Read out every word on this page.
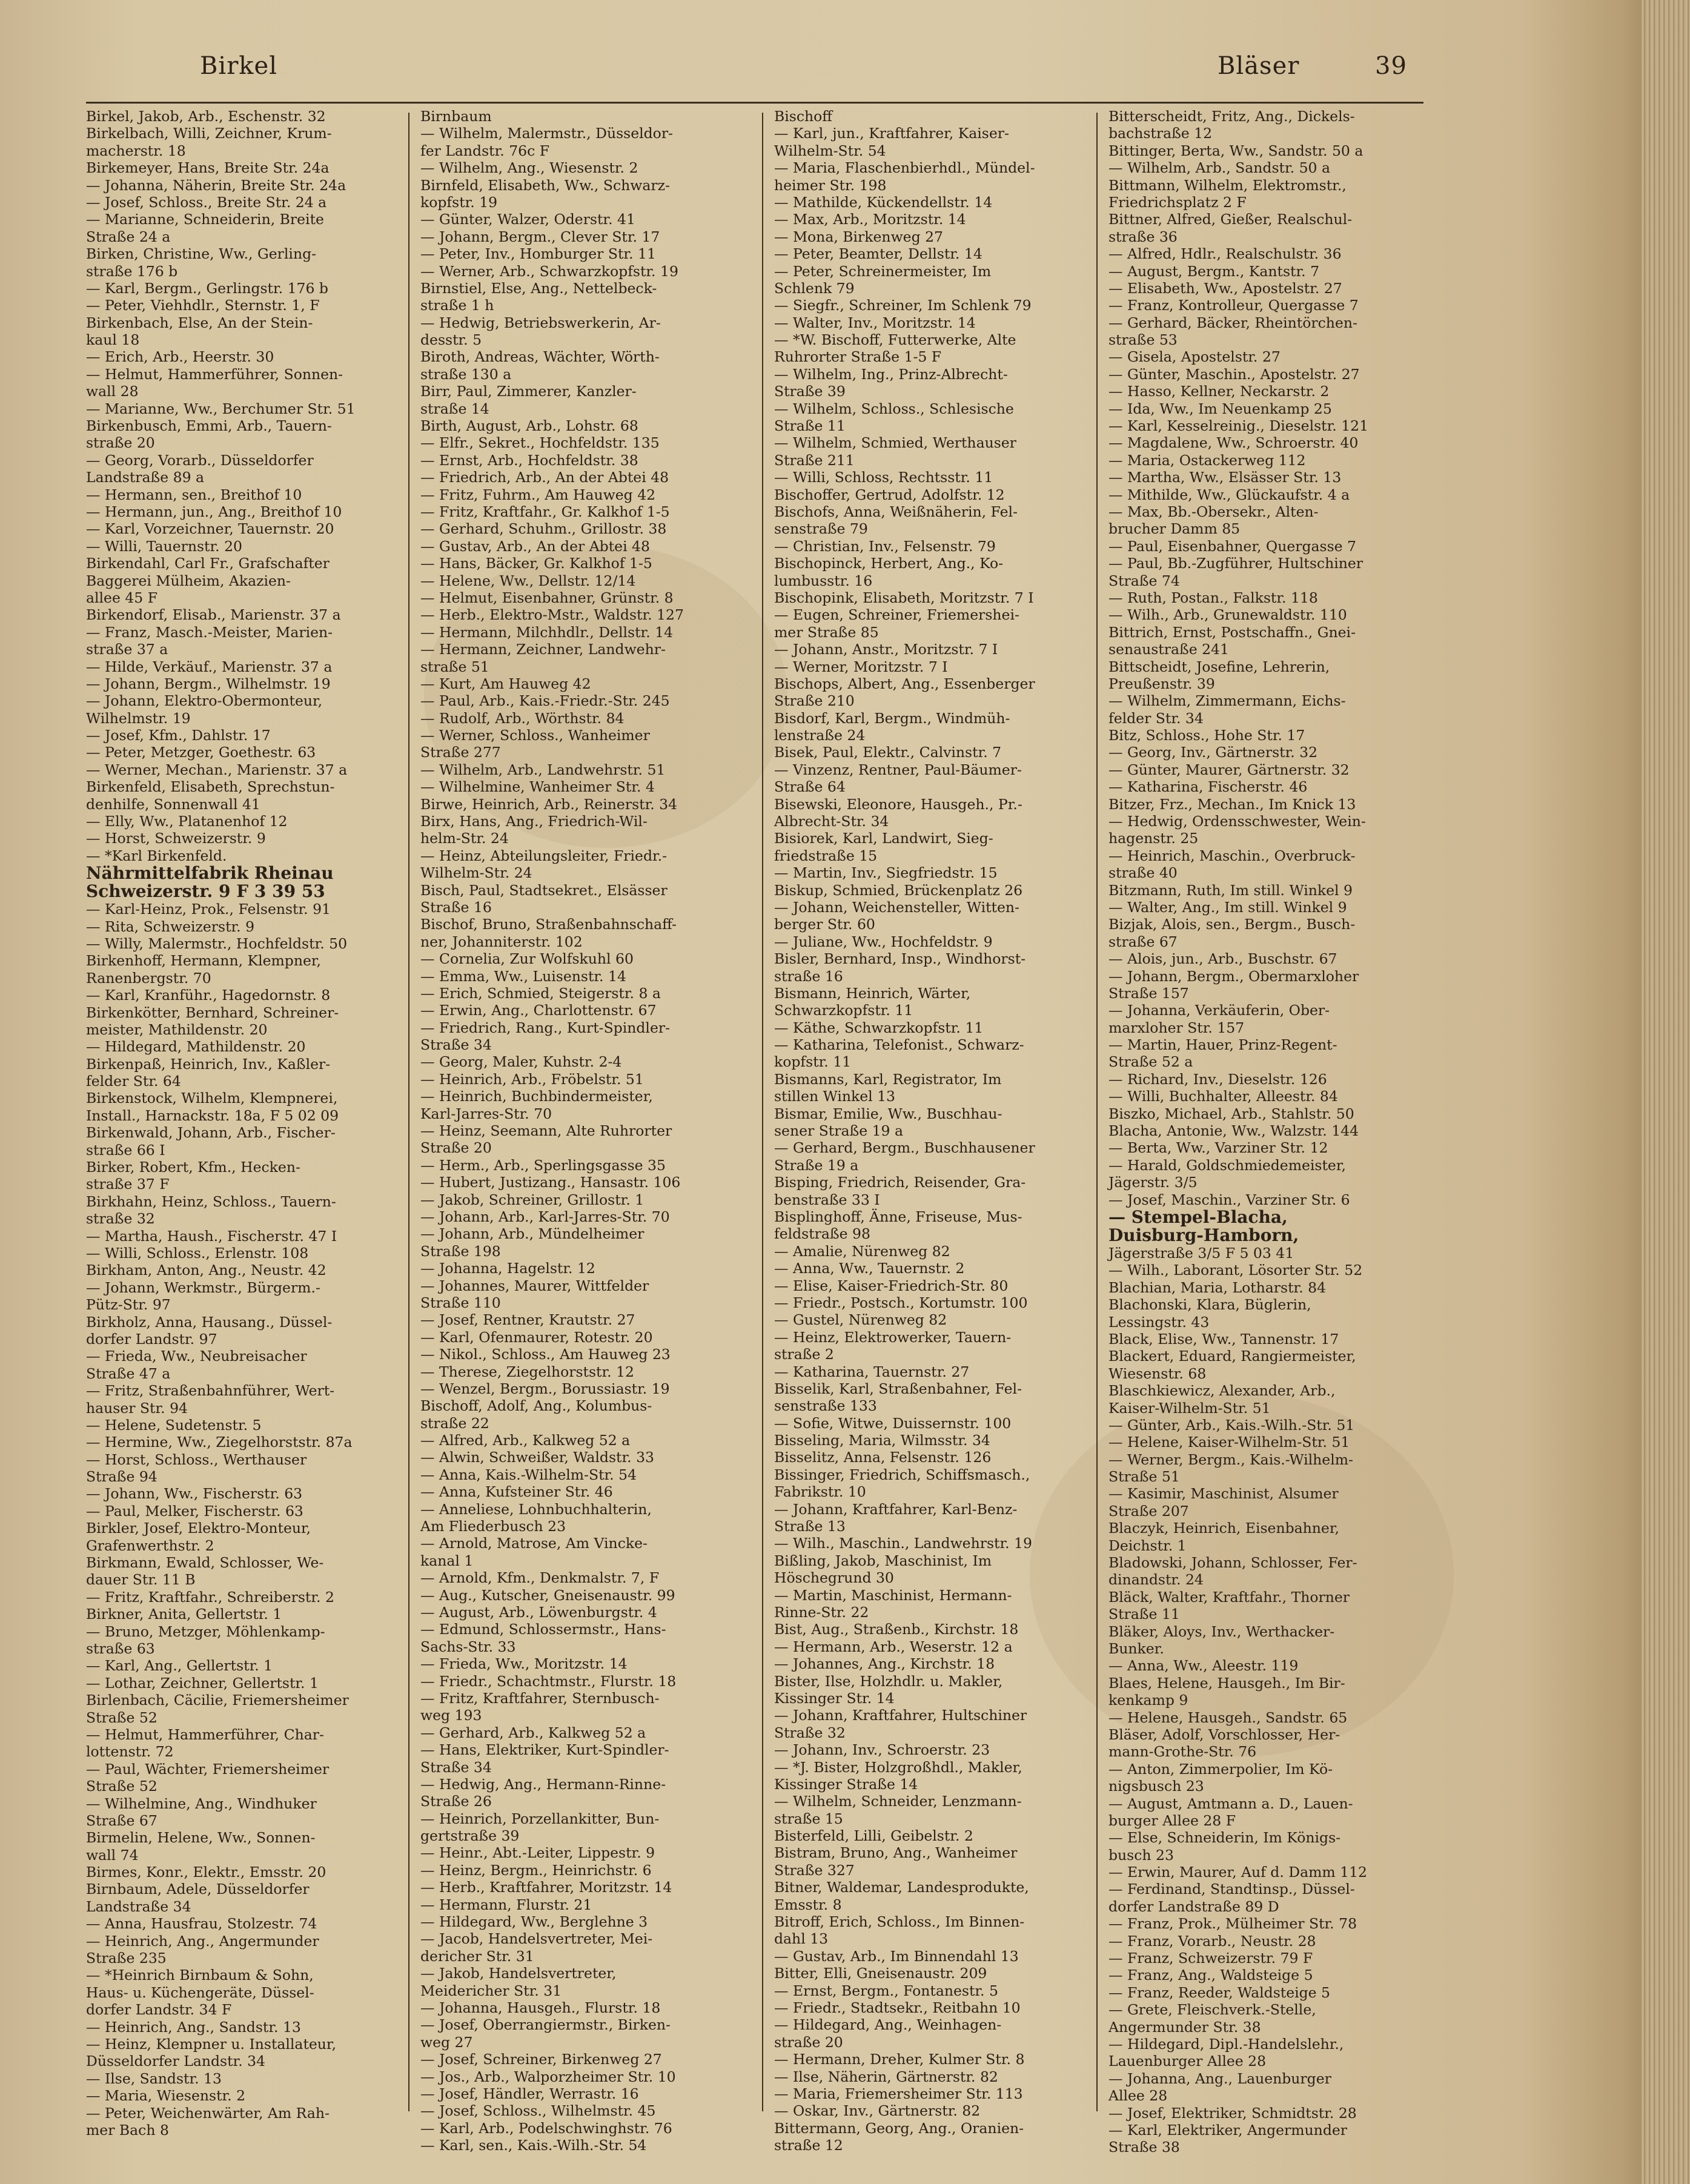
Birkel	Bläser	39
Birkel, Jakob, Arb., Eschenstr. 32
Birkelbach, Willi, Zeichner, Krum-
macherstr. 18
Birkemeyer, Hans, Breite Str. 24a
— Johanna, Näherin, Breite Str. 24a
— Josef, Schloss., Breite Str. 24 a
— Marianne, Schneiderin, Breite
Straße 24 a
Birken, Christine, Ww., Gerling-
straße 176 b
— Karl, Bergm., Gerlingstr. 176 b
— Peter, Viehhdlr., Sternstr. 1, F
Birkenbach, Else, An der Stein-
kaul 18
— Erich, Arb., Heerstr. 30
— Helmut, Hammerführer, Sonnen-
wall 28
— Marianne, Ww., Berchumer Str. 51
Birkenbusch, Emmi, Arb., Tauern-
straße 20
— Georg, Vorarb., Düsseldorfer
Landstraße 89 a
— Hermann, sen., Breithof 10
— Hermann, jun., Ang., Breithof 10
— Karl, Vorzeichner, Tauernstr. 20
— Willi, Tauernstr. 20
Birkendahl, Carl Fr., Grafschafter
Baggerei Mülheim, Akazien-
allee 45 F
Birkendorf, Elisab., Marienstr. 37 a
— Franz, Masch.-Meister, Marien-
straße 37 a
— Hilde, Verkäuf., Marienstr. 37 a
— Johann, Bergm., Wilhelmstr. 19
— Johann, Elektro-Obermonteur,
Wilhelmstr. 19
— Josef, Kfm., Dahlstr. 17
— Peter, Metzger, Goethestr. 63
— Werner, Mechan., Marienstr. 37 a
Birkenfeld, Elisabeth, Sprechstun-
denhilfe, Sonnenwall 41
— Elly, Ww., Platanenhof 12
— Horst, Schweizerstr. 9
— *Karl Birkenfeld.
Nährmittelfabrik Rheinau
Schweizerstr. 9 F 3 39 53
— Karl-Heinz, Prok., Felsenstr. 91
— Rita, Schweizerstr. 9
— Willy, Malermstr., Hochfeldstr. 50
Birkenhoff, Hermann, Klempner,
Ranenbergstr. 70
— Karl, Kranführ., Hagedornstr. 8
Birkenkötter, Bernhard, Schreiner-
meister, Mathildenstr. 20
— Hildegard, Mathildenstr. 20
Birkenpaß, Heinrich, Inv., Kaßler-
felder Str. 64
Birkenstock, Wilhelm, Klempnerei,
Install., Harnackstr. 18a, F 5 02 09
Birkenwald, Johann, Arb., Fischer-
straße 66 I
Birker, Robert, Kfm., Hecken-
straße 37 F
Birkhahn, Heinz, Schloss., Tauern-
straße 32
— Martha, Haush., Fischerstr. 47 I
— Willi, Schloss., Erlenstr. 108
Birkham, Anton, Ang., Neustr. 42
— Johann, Werkmstr., Bürgerm.-
Pütz-Str. 97
Birkholz, Anna, Hausang., Düssel-
dorfer Landstr. 97
— Frieda, Ww., Neubreisacher
Straße 47 a
— Fritz, Straßenbahnführer, Wert-
hauser Str. 94
— Helene, Sudetenstr. 5
— Hermine, Ww., Ziegelhorststr. 87a
— Horst, Schloss., Werthauser
Straße 94
— Johann, Ww., Fischerstr. 63
— Paul, Melker, Fischerstr. 63
Birkler, Josef, Elektro-Monteur,
Grafenwerthstr. 2
Birkmann, Ewald, Schlosser, We-
dauer Str. 11 B
— Fritz, Kraftfahr., Schreiberstr. 2
Birkner, Anita, Gellertstr. 1
— Bruno, Metzger, Möhlenkamp-
straße 63
— Karl, Ang., Gellertstr. 1
— Lothar, Zeichner, Gellertstr. 1
Birlenbach, Cäcilie, Friemersheimer
Straße 52
— Helmut, Hammerführer, Char-
lottenstr. 72
— Paul, Wächter, Friemersheimer
Straße 52
— Wilhelmine, Ang., Windhuker
Straße 67
Birmelin, Helene, Ww., Sonnen-
wall 74
Birmes, Konr., Elektr., Emsstr. 20
Birnbaum, Adele, Düsseldorfer
Landstraße 34
— Anna, Hausfrau, Stolzestr. 74
— Heinrich, Ang., Angermunder
Straße 235
— *Heinrich Birnbaum & Sohn,
Haus- u. Küchengeräte, Düssel-
dorfer Landstr. 34 F
— Heinrich, Ang., Sandstr. 13
— Heinz, Klempner u. Installateur,
Düsseldorfer Landstr. 34
— Ilse, Sandstr. 13
— Maria, Wiesenstr. 2
— Peter, Weichenwärter, Am Rah-
mer Bach 8
Birnbaum
— Wilhelm, Malermstr., Düsseldor-
fer Landstr. 76c F
— Wilhelm, Ang., Wiesenstr. 2
Birnfeld, Elisabeth, Ww., Schwarz-
kopfstr. 19
— Günter, Walzer, Oderstr. 41
— Johann, Bergm., Clever Str. 17
— Peter, Inv., Homburger Str. 11
— Werner, Arb., Schwarzkopfstr. 19
Birnstiel, Else, Ang., Nettelbeck-
straße 1 h
— Hedwig, Betriebswerkerin, Ar-
desstr. 5
Biroth, Andreas, Wächter, Wörth-
straße 130 a
Birr, Paul, Zimmerer, Kanzler-
straße 14
Birth, August, Arb., Lohstr. 68
— Elfr., Sekret., Hochfeldstr. 135
— Ernst, Arb., Hochfeldstr. 38
— Friedrich, Arb., An der Abtei 48
— Fritz, Fuhrm., Am Hauweg 42
— Fritz, Kraftfahr., Gr. Kalkhof 1-5
— Gerhard, Schuhm., Grillostr. 38
— Gustav, Arb., An der Abtei 48
— Hans, Bäcker, Gr. Kalkhof 1-5
— Helene, Ww., Dellstr. 12/14
— Helmut, Eisenbahner, Grünstr. 8
— Herb., Elektro-Mstr., Waldstr. 127
— Hermann, Milchhdlr., Dellstr. 14
— Hermann, Zeichner, Landwehr-
straße 51
— Kurt, Am Hauweg 42
— Paul, Arb., Kais.-Friedr.-Str. 245
— Rudolf, Arb., Wörthstr. 84
— Werner, Schloss., Wanheimer
Straße 277
— Wilhelm, Arb., Landwehrstr. 51
— Wilhelmine, Wanheimer Str. 4
Birwe, Heinrich, Arb., Reinerstr. 34
Birx, Hans, Ang., Friedrich-Wil-
helm-Str. 24
— Heinz, Abteilungsleiter, Friedr.-
Wilhelm-Str. 24
Bisch, Paul, Stadtsekret., Elsässer
Straße 16
Bischof, Bruno, Straßenbahnschaff-
ner, Johanniterstr. 102
— Cornelia, Zur Wolfskuhl 60
— Emma, Ww., Luisenstr. 14
— Erich, Schmied, Steigerstr. 8 a
— Erwin, Ang., Charlottenstr. 67
— Friedrich, Rang., Kurt-Spindler-
Straße 34
— Georg, Maler, Kuhstr. 2-4
— Heinrich, Arb., Fröbelstr. 51
— Heinrich, Buchbindermeister,
Karl-Jarres-Str. 70
— Heinz, Seemann, Alte Ruhrorter
Straße 20
— Herm., Arb., Sperlingsgasse 35
— Hubert, Justizang., Hansastr. 106
— Jakob, Schreiner, Grillostr. 1
— Johann, Arb., Karl-Jarres-Str. 70
— Johann, Arb., Mündelheimer
Straße 198
— Johanna, Hagelstr. 12
— Johannes, Maurer, Wittfelder
Straße 110
— Josef, Rentner, Krautstr. 27
— Karl, Ofenmaurer, Rotestr. 20
— Nikol., Schloss., Am Hauweg 23
— Therese, Ziegelhorststr. 12
— Wenzel, Bergm., Borussiastr. 19
Bischoff, Adolf, Ang., Kolumbus-
straße 22
— Alfred, Arb., Kalkweg 52 a
— Alwin, Schweißer, Waldstr. 33
— Anna, Kais.-Wilhelm-Str. 54
— Anna, Kufsteiner Str. 46
— Anneliese, Lohnbuchhalterin,
Am Fliederbusch 23
— Arnold, Matrose, Am Vincke-
kanal 1
— Arnold, Kfm., Denkmalstr. 7, F
— Aug., Kutscher, Gneisenaustr. 99
— August, Arb., Löwenburgstr. 4
— Edmund, Schlossermstr., Hans-
Sachs-Str. 33
— Frieda, Ww., Moritzstr. 14
— Friedr., Schachtmstr., Flurstr. 18
— Fritz, Kraftfahrer, Sternbusch-
weg 193
— Gerhard, Arb., Kalkweg 52 a
— Hans, Elektriker, Kurt-Spindler-
Straße 34
— Hedwig, Ang., Hermann-Rinne-
Straße 26
— Heinrich, Porzellankitter, Bun-
gertstraße 39
— Heinr., Abt.-Leiter, Lippestr. 9
— Heinz, Bergm., Heinrichstr. 6
— Herb., Kraftfahrer, Moritzstr. 14
— Hermann, Flurstr. 21
— Hildegard, Ww., Berglehne 3
— Jacob, Handelsvertreter, Mei-
dericher Str. 31
— Jakob, Handelsvertreter,
Meidericher Str. 31
— Johanna, Hausgeh., Flurstr. 18
— Josef, Oberrangiermstr., Birken-
weg 27
— Josef, Schreiner, Birkenweg 27
— Jos., Arb., Walporzheimer Str. 10
— Josef, Händler, Werrastr. 16
— Josef, Schloss., Wilhelmstr. 45
— Karl, Arb., Podelschwinghstr. 76
— Karl, sen., Kais.-Wilh.-Str. 54
Bischoff
— Karl, jun., Kraftfahrer, Kaiser-
Wilhelm-Str. 54
— Maria, Flaschenbierhdl., Mündel-
heimer Str. 198
— Mathilde, Kückendellstr. 14
— Max, Arb., Moritzstr. 14
— Mona, Birkenweg 27
— Peter, Beamter, Dellstr. 14
— Peter, Schreinermeister, Im
Schlenk 79
— Siegfr., Schreiner, Im Schlenk 79
— Walter, Inv., Moritzstr. 14
— *W. Bischoff, Futterwerke, Alte
Ruhrorter Straße 1-5 F
— Wilhelm, Ing., Prinz-Albrecht-
Straße 39
— Wilhelm, Schloss., Schlesische
Straße 11
— Wilhelm, Schmied, Werthauser
Straße 211
— Willi, Schloss, Rechtsstr. 11
Bischoffer, Gertrud, Adolfstr. 12
Bischofs, Anna, Weißnäherin, Fel-
senstraße 79
— Christian, Inv., Felsenstr. 79
Bischopinck, Herbert, Ang., Ko-
lumbusstr. 16
Bischopink, Elisabeth, Moritzstr. 7 I
— Eugen, Schreiner, Friemershei-
mer Straße 85
— Johann, Anstr., Moritzstr. 7 I
— Werner, Moritzstr. 7 I
Bischops, Albert, Ang., Essenberger
Straße 210
Bisdorf, Karl, Bergm., Windmüh-
lenstraße 24
Bisek, Paul, Elektr., Calvinstr. 7
— Vinzenz, Rentner, Paul-Bäumer-
Straße 64
Bisewski, Eleonore, Hausgeh., Pr.-
Albrecht-Str. 34
Bisiorek, Karl, Landwirt, Sieg-
friedstraße 15
— Martin, Inv., Siegfriedstr. 15
Biskup, Schmied, Brückenplatz 26
— Johann, Weichensteller, Witten-
berger Str. 60
— Juliane, Ww., Hochfeldstr. 9
Bisler, Bernhard, Insp., Windhorst-
straße 16
Bismann, Heinrich, Wärter,
Schwarzkopfstr. 11
— Käthe, Schwarzkopfstr. 11
— Katharina, Telefonist., Schwarz-
kopfstr. 11
Bismanns, Karl, Registrator, Im
stillen Winkel 13
Bismar, Emilie, Ww., Buschhau-
sener Straße 19 a
— Gerhard, Bergm., Buschhausener
Straße 19 a
Bisping, Friedrich, Reisender, Gra-
benstraße 33 I
Bisplinghoff, Änne, Friseuse, Mus-
feldstraße 98
— Amalie, Nürenweg 82
— Anna, Ww., Tauernstr. 2
— Elise, Kaiser-Friedrich-Str. 80
— Friedr., Postsch., Kortumstr. 100
— Gustel, Nürenweg 82
— Heinz, Elektrowerker, Tauern-
straße 2
— Katharina, Tauernstr. 27
Bisselik, Karl, Straßenbahner, Fel-
senstraße 133
— Sofie, Witwe, Duissernstr. 100
Bisseling, Maria, Wilmsstr. 34
Bisselitz, Anna, Felsenstr. 126
Bissinger, Friedrich, Schiffsmasch.,
Fabrikstr. 10
— Johann, Kraftfahrer, Karl-Benz-
Straße 13
— Wilh., Maschin., Landwehrstr. 19
Bißling, Jakob, Maschinist, Im
Höschegrund 30
— Martin, Maschinist, Hermann-
Rinne-Str. 22
Bist, Aug., Straßenb., Kirchstr. 18
— Hermann, Arb., Weserstr. 12 a
— Johannes, Ang., Kirchstr. 18
Bister, Ilse, Holzhdlr. u. Makler,
Kissinger Str. 14
— Johann, Kraftfahrer, Hultschiner
Straße 32
— Johann, Inv., Schroerstr. 23
— *J. Bister, Holzgroßhdl., Makler,
Kissinger Straße 14
— Wilhelm, Schneider, Lenzmann-
straße 15
Bisterfeld, Lilli, Geibelstr. 2
Bistram, Bruno, Ang., Wanheimer
Straße 327
Bitner, Waldemar, Landesprodukte,
Emsstr. 8
Bitroff, Erich, Schloss., Im Binnen-
dahl 13
— Gustav, Arb., Im Binnendahl 13
Bitter, Elli, Gneisenaustr. 209
— Ernst, Bergm., Fontanestr. 5
— Friedr., Stadtsekr., Reitbahn 10
— Hildegard, Ang., Weinhagen-
straße 20
— Hermann, Dreher, Kulmer Str. 8
— Ilse, Näherin, Gärtnerstr. 82
— Maria, Friemersheimer Str. 113
— Oskar, Inv., Gärtnerstr. 82
Bittermann, Georg, Ang., Oranien-
straße 12
Bitterscheidt, Fritz, Ang., Dickels-
bachstraße 12
Bittinger, Berta, Ww., Sandstr. 50 a
— Wilhelm, Arb., Sandstr. 50 a
Bittmann, Wilhelm, Elektromstr.,
Friedrichsplatz 2 F
Bittner, Alfred, Gießer, Realschul-
straße 36
— Alfred, Hdlr., Realschulstr. 36
— August, Bergm., Kantstr. 7
— Elisabeth, Ww., Apostelstr. 27
— Franz, Kontrolleur, Quergasse 7
— Gerhard, Bäcker, Rheintörchen-
straße 53
— Gisela, Apostelstr. 27
— Günter, Maschin., Apostelstr. 27
— Hasso, Kellner, Neckarstr. 2
— Ida, Ww., Im Neuenkamp 25
— Karl, Kesselreinig., Dieselstr. 121
— Magdalene, Ww., Schroerstr. 40
— Maria, Ostackerweg 112
— Martha, Ww., Elsässer Str. 13
— Mithilde, Ww., Glückaufstr. 4 a
— Max, Bb.-Obersekr., Alten-
brucher Damm 85
— Paul, Eisenbahner, Quergasse 7
— Paul, Bb.-Zugführer, Hultschiner
Straße 74
— Ruth, Postan., Falkstr. 118
— Wilh., Arb., Grunewaldstr. 110
Bittrich, Ernst, Postschaffn., Gnei-
senaustraße 241
Bittscheidt, Josefine, Lehrerin,
Preußenstr. 39
— Wilhelm, Zimmermann, Eichs-
felder Str. 34
Bitz, Schloss., Hohe Str. 17
— Georg, Inv., Gärtnerstr. 32
— Günter, Maurer, Gärtnerstr. 32
— Katharina, Fischerstr. 46
Bitzer, Frz., Mechan., Im Knick 13
— Hedwig, Ordensschwester, Wein-
hagenstr. 25
— Heinrich, Maschin., Overbruck-
straße 40
Bitzmann, Ruth, Im still. Winkel 9
— Walter, Ang., Im still. Winkel 9
Bizjak, Alois, sen., Bergm., Busch-
straße 67
— Alois, jun., Arb., Buschstr. 67
— Johann, Bergm., Obermarxloher
Straße 157
— Johanna, Verkäuferin, Ober-
marxloher Str. 157
— Martin, Hauer, Prinz-Regent-
Straße 52 a
— Richard, Inv., Dieselstr. 126
— Willi, Buchhalter, Alleestr. 84
Biszko, Michael, Arb., Stahlstr. 50
Blacha, Antonie, Ww., Walzstr. 144
— Berta, Ww., Varziner Str. 12
— Harald, Goldschmiedemeister,
Jägerstr. 3/5
— Josef, Maschin., Varziner Str. 6
— Stempel-Blacha,
Duisburg-Hamborn,
Jägerstraße 3/5 F 5 03 41
— Wilh., Laborant, Lösorter Str. 52
Blachian, Maria, Lotharstr. 84
Blachonski, Klara, Büglerin,
Lessingstr. 43
Black, Elise, Ww., Tannenstr. 17
Blackert, Eduard, Rangiermeister,
Wiesenstr. 68
Blaschkiewicz, Alexander, Arb.,
Kaiser-Wilhelm-Str. 51
— Günter, Arb., Kais.-Wilh.-Str. 51
— Helene, Kaiser-Wilhelm-Str. 51
— Werner, Bergm., Kais.-Wilhelm-
Straße 51
— Kasimir, Maschinist, Alsumer
Straße 207
Blaczyk, Heinrich, Eisenbahner,
Deichstr. 1
Bladowski, Johann, Schlosser, Fer-
dinandstr. 24
Bläck, Walter, Kraftfahr., Thorner
Straße 11
Bläker, Aloys, Inv., Werthacker-
Bunker.
— Anna, Ww., Aleestr. 119
Blaes, Helene, Hausgeh., Im Bir-
kenkamp 9
— Helene, Hausgeh., Sandstr. 65
Bläser, Adolf, Vorschlosser, Her-
mann-Grothe-Str. 76
— Anton, Zimmerpolier, Im Kö-
nigsbusch 23
— August, Amtmann a. D., Lauen-
burger Allee 28 F
— Else, Schneiderin, Im Königs-
busch 23
— Erwin, Maurer, Auf d. Damm 112
— Ferdinand, Standtinsp., Düssel-
dorfer Landstraße 89 D
— Franz, Prok., Mülheimer Str. 78
— Franz, Vorarb., Neustr. 28
— Franz, Schweizerstr. 79 F
— Franz, Ang., Waldsteige 5
— Franz, Reeder, Waldsteige 5
— Grete, Fleischverk.-Stelle,
Angermunder Str. 38
— Hildegard, Dipl.-Handelslehr.,
Lauenburger Allee 28
— Johanna, Ang., Lauenburger
Allee 28
— Josef, Elektriker, Schmidtstr. 28
— Karl, Elektriker, Angermunder
Straße 38
